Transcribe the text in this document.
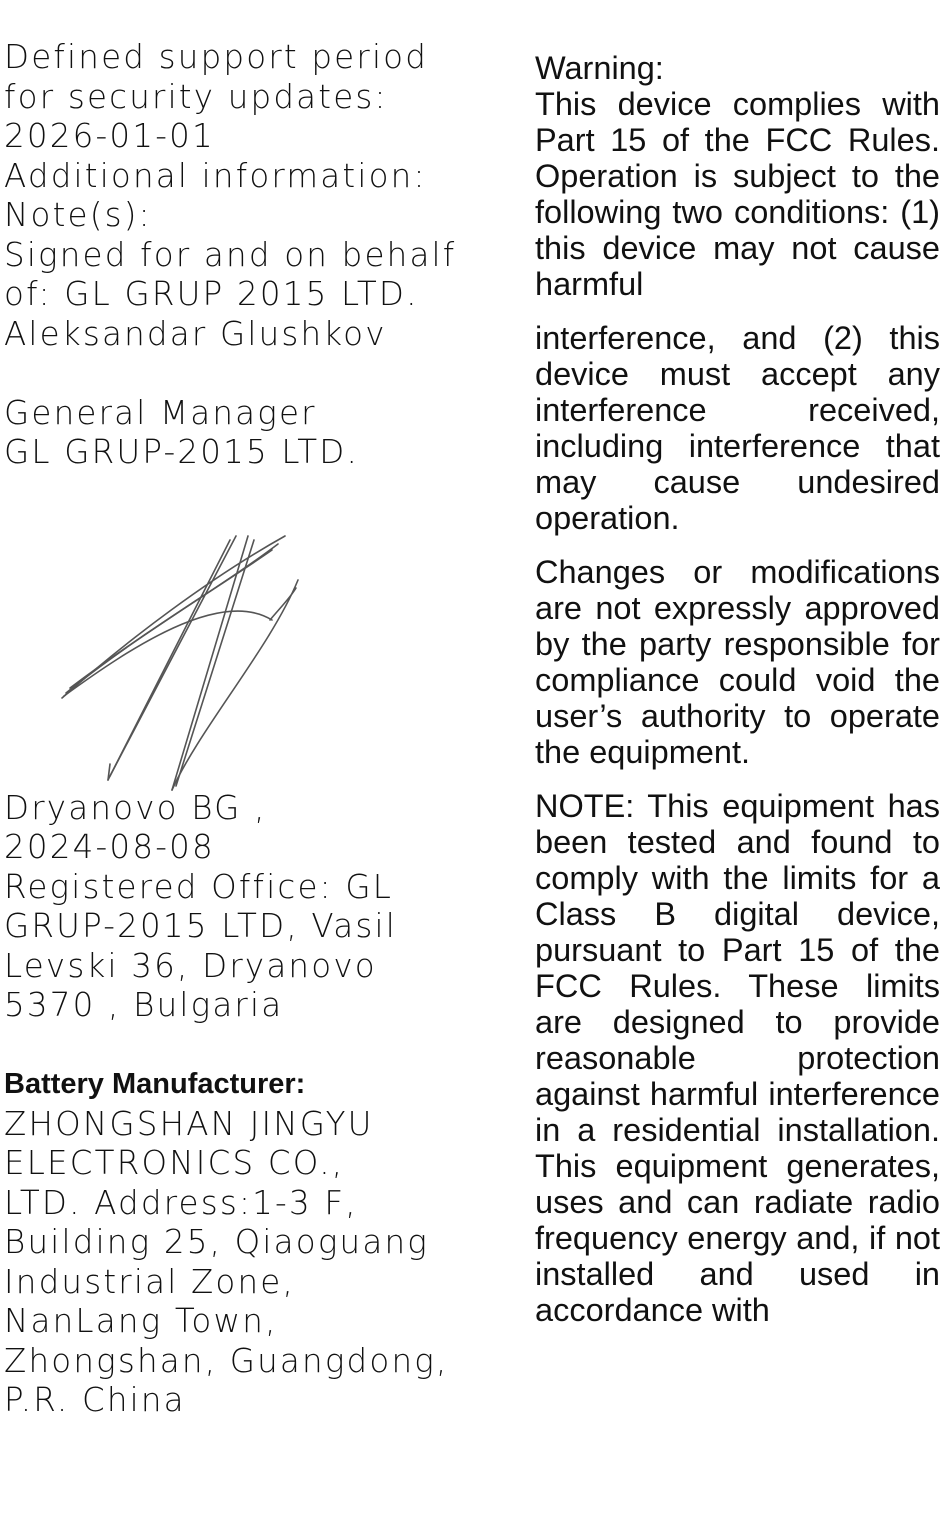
Defined support period
for security updates:
2026-01-01
Additional information:
Note(s):
Signed for and on behalf
of: GL GRUP 2015 LTD.
Aleksandar Glushkov
General Manager
GL GRUP-2015 LTD.
Dryanovo BG ,
2024-08-08
Registered Office: GL
GRUP-2015 LTD, Vasil
Levski 36, Dryanovo
5370 , Bulgaria
Battery Manufacturer:
ZHONGSHAN JINGYU
ELECTRONICS CO.,
LTD. Address:1-3 F,
Building 25, Qiaoguang
Industrial Zone,
NanLang Town,
Zhongshan, Guangdong,
P.R. China
Warning:

This device complies with Part 15 of the FCC Rules. Operation is subject to the following two conditions: (1) this device may not cause harmful

interference, and (2) this device must accept any interference received, including interference that may cause undesired operation.

Changes or modifications are not expressly approved by the party responsible for compliance could void the user’s authority to operate the equipment.

NOTE: This equipment has been tested and found to comply with the limits for a Class B digital device, pursuant to Part 15 of the FCC Rules. These limits are designed to provide reasonable protection against harmful interference in a residential installation. This equipment generates, uses and can radiate radio frequency energy and, if not installed and used in accordance with
